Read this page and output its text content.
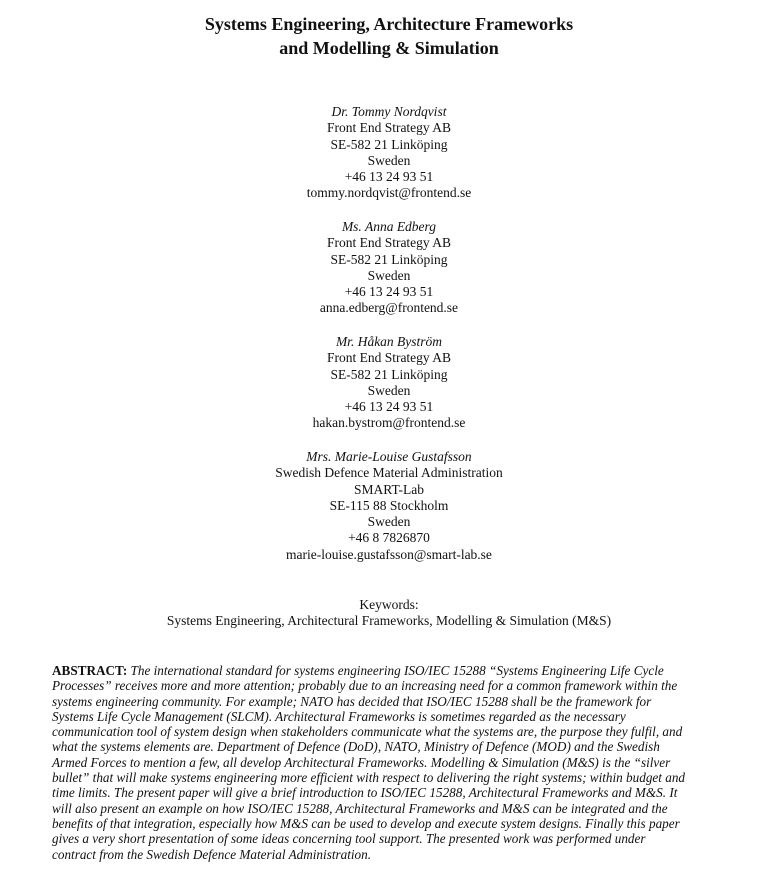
Systems Engineering, Architecture Frameworks
and Modelling & Simulation
Dr. Tommy Nordqvist
Front End Strategy AB
SE-582 21 Linköping
Sweden
+46 13 24 93 51
tommy.nordqvist@frontend.se
Ms. Anna Edberg
Front End Strategy AB
SE-582 21 Linköping
Sweden
+46 13 24 93 51
anna.edberg@frontend.se
Mr. Håkan Byström
Front End Strategy AB
SE-582 21 Linköping
Sweden
+46 13 24 93 51
hakan.bystrom@frontend.se
Mrs. Marie-Louise Gustafsson
Swedish Defence Material Administration
SMART-Lab
SE-115 88 Stockholm
Sweden
+46 8 7826870
marie-louise.gustafsson@smart-lab.se
Keywords:
Systems Engineering, Architectural Frameworks, Modelling & Simulation (M&S)
ABSTRACT: The international standard for systems engineering ISO/IEC 15288 “Systems Engineering Life Cycle
Processes” receives more and more attention; probably due to an increasing need for a common framework within the
systems engineering community. For example; NATO has decided that ISO/IEC 15288 shall be the framework for
Systems Life Cycle Management (SLCM). Architectural Frameworks is sometimes regarded as the necessary
communication tool of system design when stakeholders communicate what the systems are, the purpose they fulfil, and
what the systems elements are. Department of Defence (DoD), NATO, Ministry of Defence (MOD) and the Swedish
Armed Forces to mention a few, all develop Architectural Frameworks. Modelling & Simulation (M&S) is the “silver
bullet” that will make systems engineering more efficient with respect to delivering the right systems; within budget and
time limits. The present paper will give a brief introduction to ISO/IEC 15288, Architectural Frameworks and M&S. It
will also present an example on how ISO/IEC 15288, Architectural Frameworks and M&S can be integrated and the
benefits of that integration, especially how M&S can be used to develop and execute system designs. Finally this paper
gives a very short presentation of some ideas concerning tool support. The presented work was performed under
contract from the Swedish Defence Material Administration.
